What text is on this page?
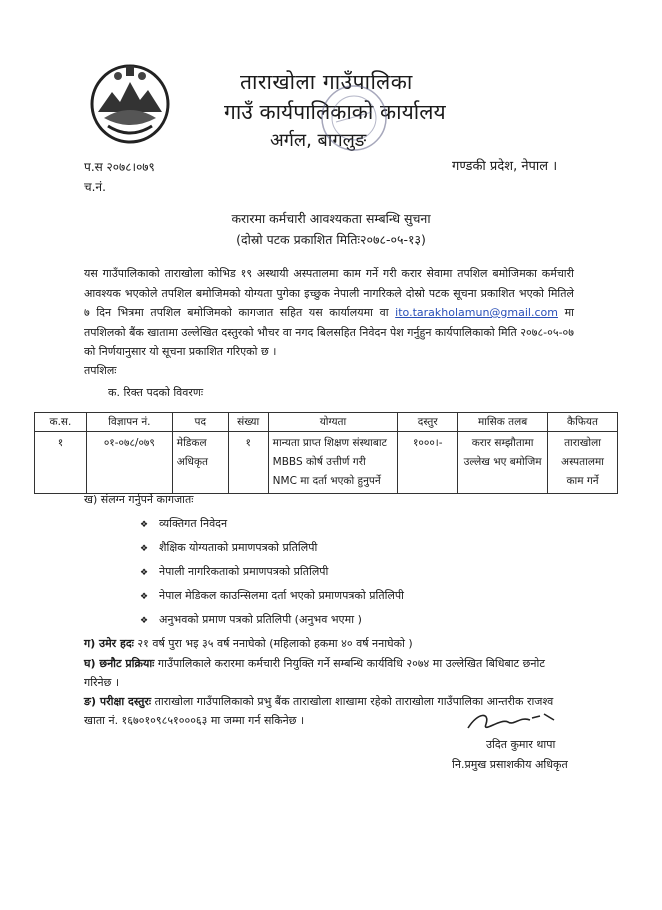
ताराखोला गाउँपालिका
गाउँ कार्यपालिकाको कार्यालय
अर्गल, बागलुङ
प.स २०७८।०७९
च.नं.
गण्डकी प्रदेश, नेपाल ।
करारमा कर्मचारी आवश्यकता सम्बन्धि सुचना
(दोस्रो पटक प्रकाशित मितिः२०७८-०५-१३)
यस गाउँपालिकाको ताराखोला कोभिड १९ अस्थायी अस्पतालमा काम गर्ने गरी करार सेवामा तपशिल बमोजिमका कर्मचारी आवश्यक भएकोले तपशिल बमोजिमको योग्यता पुगेका इच्छुक नेपाली नागरिकले दोस्रो पटक सूचना प्रकाशित भएको मितिले ७ दिन भित्रमा तपशिल बमोजिमको कागजात सहित यस कार्यालयमा वा ito.tarakholamun@gmail.com मा तपशिलको बैंक खातामा उल्लेखित दस्तुरको भौचर वा नगद बिलसहित निवेदन पेश गर्नुहुन कार्यपालिकाको मिति २०७८-०५-०७ को निर्णयानुसार यो सूचना प्रकाशित गरिएको छ ।
तपशिलः
क. रिक्त पदको विवरणः
क.स.	विज्ञापन नं.	पद	संख्या	योग्यता	दस्तुर	मासिक तलब	कैफियत
१	०१-०७८/०७९	मेडिकल अधिकृत	१	मान्यता प्राप्त शिक्षण संस्थाबाट MBBS कोर्ष उत्तीर्ण गरी NMC मा दर्ता भएको हुनुपर्ने	१०००।-	करार सम्झौतामा उल्लेख भए बमोजिम	ताराखोला अस्पतालमा काम गर्ने
ख) संलग्न गर्नुपर्ने कागजातः
❖ व्यक्तिगत निवेदन
❖ शैक्षिक योग्यताको प्रमाणपत्रको प्रतिलिपी
❖ नेपाली नागरिकताको प्रमाणपत्रको प्रतिलिपी
❖ नेपाल मेडिकल काउन्सिलमा दर्ता भएको प्रमाणपत्रको प्रतिलिपी
❖ अनुभवको प्रमाण पत्रको प्रतिलिपी (अनुभव भएमा )
ग) उमेर हदः २१ वर्ष पुरा भइ ३५ वर्ष ननाघेको (महिलाको हकमा ४० वर्ष ननाघेको )
घ) छनौट प्रक्रियाः गाउँपालिकाले करारमा कर्मचारी नियुक्ति गर्ने सम्बन्धि कार्यविधि २०७४ मा उल्लेखित बिधिबाट छनोट गरिनेछ ।
ङ) परीक्षा दस्तुरः ताराखोला गाउँपालिकाको प्रभु बैंक ताराखोला शाखामा रहेको ताराखोला गाउँपालिका आन्तरीक राजश्व खाता नं. १६७०१०९८५१०००६३ मा जम्मा गर्न सकिनेछ ।
उदित कुमार थापा
नि.प्रमुख प्रसाशकीय अधिकृत
